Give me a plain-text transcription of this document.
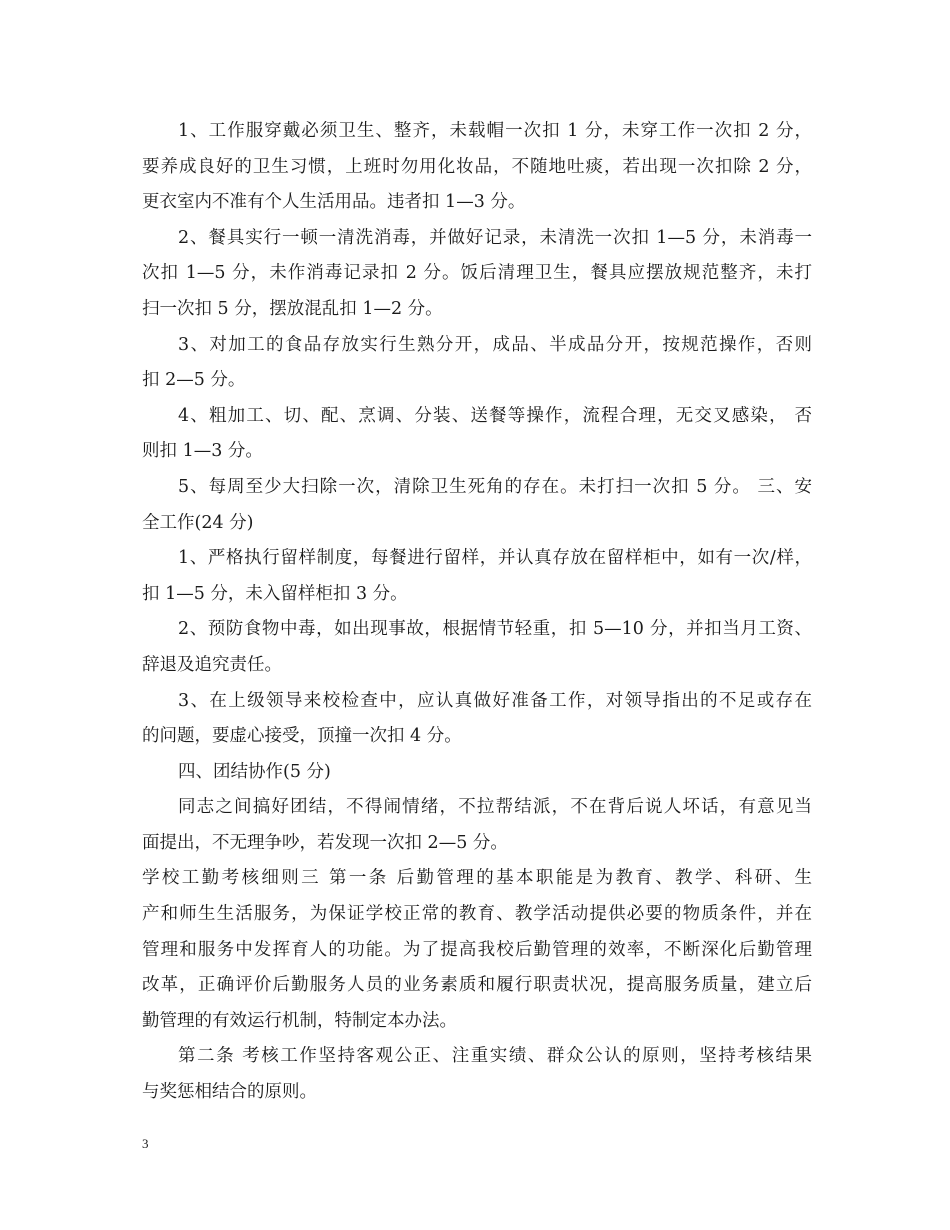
1、工作服穿戴必须卫生、整齐，未载帽一次扣 1 分，未穿工作一次扣 2 分，
要养成良好的卫生习惯，上班时勿用化妆品，不随地吐痰，若出现一次扣除 2 分，
更衣室内不准有个人生活用品。违者扣 1—3 分。
2、餐具实行一顿一清洗消毒，并做好记录，未清洗一次扣 1—5 分，未消毒一
次扣 1—5 分，未作消毒记录扣 2 分。饭后清理卫生，餐具应摆放规范整齐，未打
扫一次扣 5 分，摆放混乱扣 1—2 分。
3、对加工的食品存放实行生熟分开，成品、半成品分开，按规范操作，否则
扣 2—5 分。
4、粗加工、切、配、烹调、分装、送餐等操作，流程合理，无交叉感染， 否
则扣 1—3 分。
5、每周至少大扫除一次，清除卫生死角的存在。未打扫一次扣 5 分。 三、安
全工作(24 分)
1、严格执行留样制度，每餐进行留样，并认真存放在留样柜中，如有一次/样，
扣 1—5 分，未入留样柜扣 3 分。
2、预防食物中毒，如出现事故，根据情节轻重，扣 5—10 分，并扣当月工资、
辞退及追究责任。
3、在上级领导来校检查中，应认真做好准备工作，对领导指出的不足或存在
的问题，要虚心接受，顶撞一次扣 4 分。
四、团结协作(5 分)
同志之间搞好团结，不得闹情绪，不拉帮结派，不在背后说人坏话，有意见当
面提出，不无理争吵，若发现一次扣 2—5 分。
学校工勤考核细则三 第一条 后勤管理的基本职能是为教育、教学、科研、生
产和师生生活服务，为保证学校正常的教育、教学活动提供必要的物质条件，并在
管理和服务中发挥育人的功能。为了提高我校后勤管理的效率，不断深化后勤管理
改革，正确评价后勤服务人员的业务素质和履行职责状况，提高服务质量，建立后
勤管理的有效运行机制，特制定本办法。
第二条 考核工作坚持客观公正、注重实绩、群众公认的原则，坚持考核结果
与奖惩相结合的原则。
3
